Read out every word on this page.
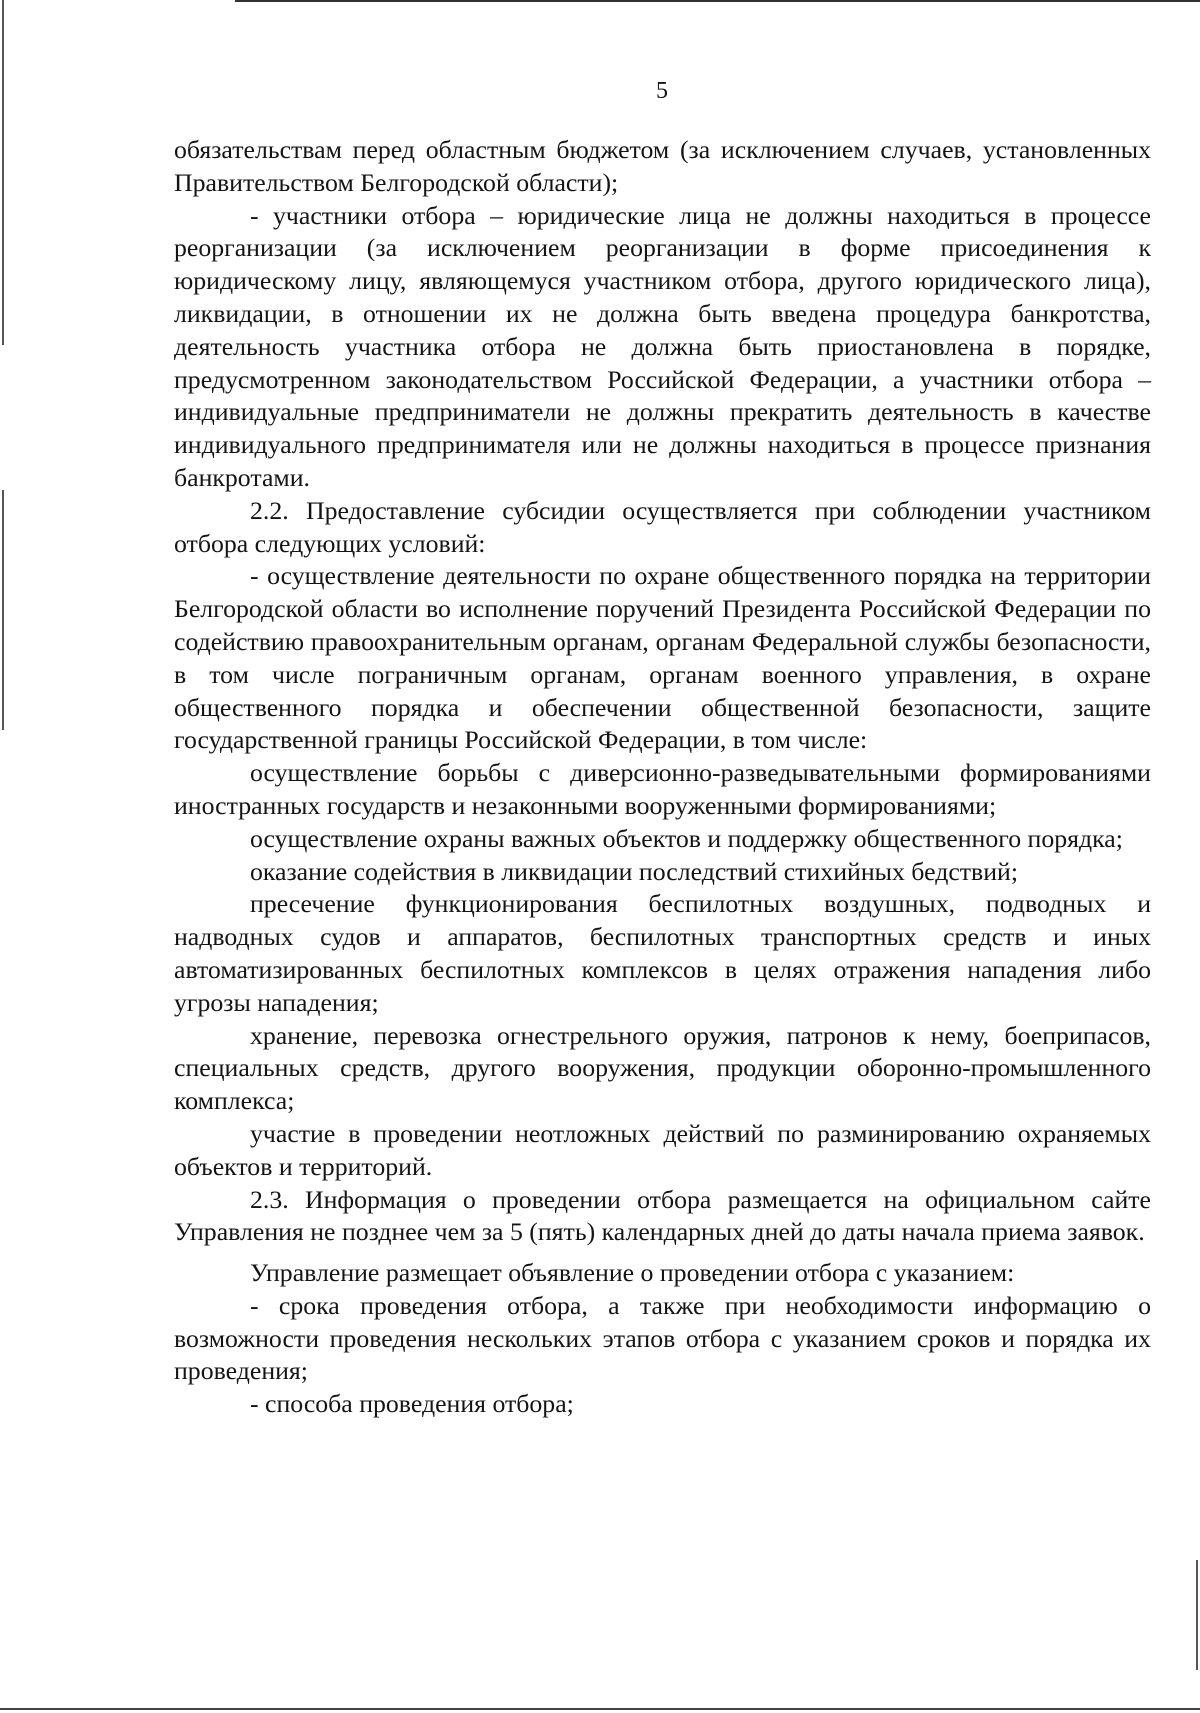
5

обязательствам перед областным бюджетом (за исключением случаев, установленных Правительством Белгородской области);

- участники отбора – юридические лица не должны находиться в процессе реорганизации (за исключением реорганизации в форме присоединения к юридическому лицу, являющемуся участником отбора, другого юридического лица), ликвидации, в отношении их не должна быть введена процедура банкротства, деятельность участника отбора не должна быть приостановлена в порядке, предусмотренном законодательством Российской Федерации, а участники отбора – индивидуальные предприниматели не должны прекратить деятельность в качестве индивидуального предпринимателя или не должны находиться в процессе признания банкротами.

2.2. Предоставление субсидии осуществляется при соблюдении участником отбора следующих условий:

- осуществление деятельности по охране общественного порядка на территории Белгородской области во исполнение поручений Президента Российской Федерации по содействию правоохранительным органам, органам Федеральной службы безопасности, в том числе пограничным органам, органам военного управления, в охране общественного порядка и обеспечении общественной безопасности, защите государственной границы Российской Федерации, в том числе:

осуществление борьбы с диверсионно-разведывательными формированиями иностранных государств и незаконными вооруженными формированиями;

осуществление охраны важных объектов и поддержку общественного порядка;

оказание содействия в ликвидации последствий стихийных бедствий;

пресечение функционирования беспилотных воздушных, подводных и надводных судов и аппаратов, беспилотных транспортных средств и иных автоматизированных беспилотных комплексов в целях отражения нападения либо угрозы нападения;

хранение, перевозка огнестрельного оружия, патронов к нему, боеприпасов, специальных средств, другого вооружения, продукции оборонно-промышленного комплекса;

участие в проведении неотложных действий по разминированию охраняемых объектов и территорий.

2.3. Информация о проведении отбора размещается на официальном сайте Управления не позднее чем за 5 (пять) календарных дней до даты начала приема заявок.

Управление размещает объявление о проведении отбора с указанием:

- срока проведения отбора, а также при необходимости информацию о возможности проведения нескольких этапов отбора с указанием сроков и порядка их проведения;

- способа проведения отбора;
